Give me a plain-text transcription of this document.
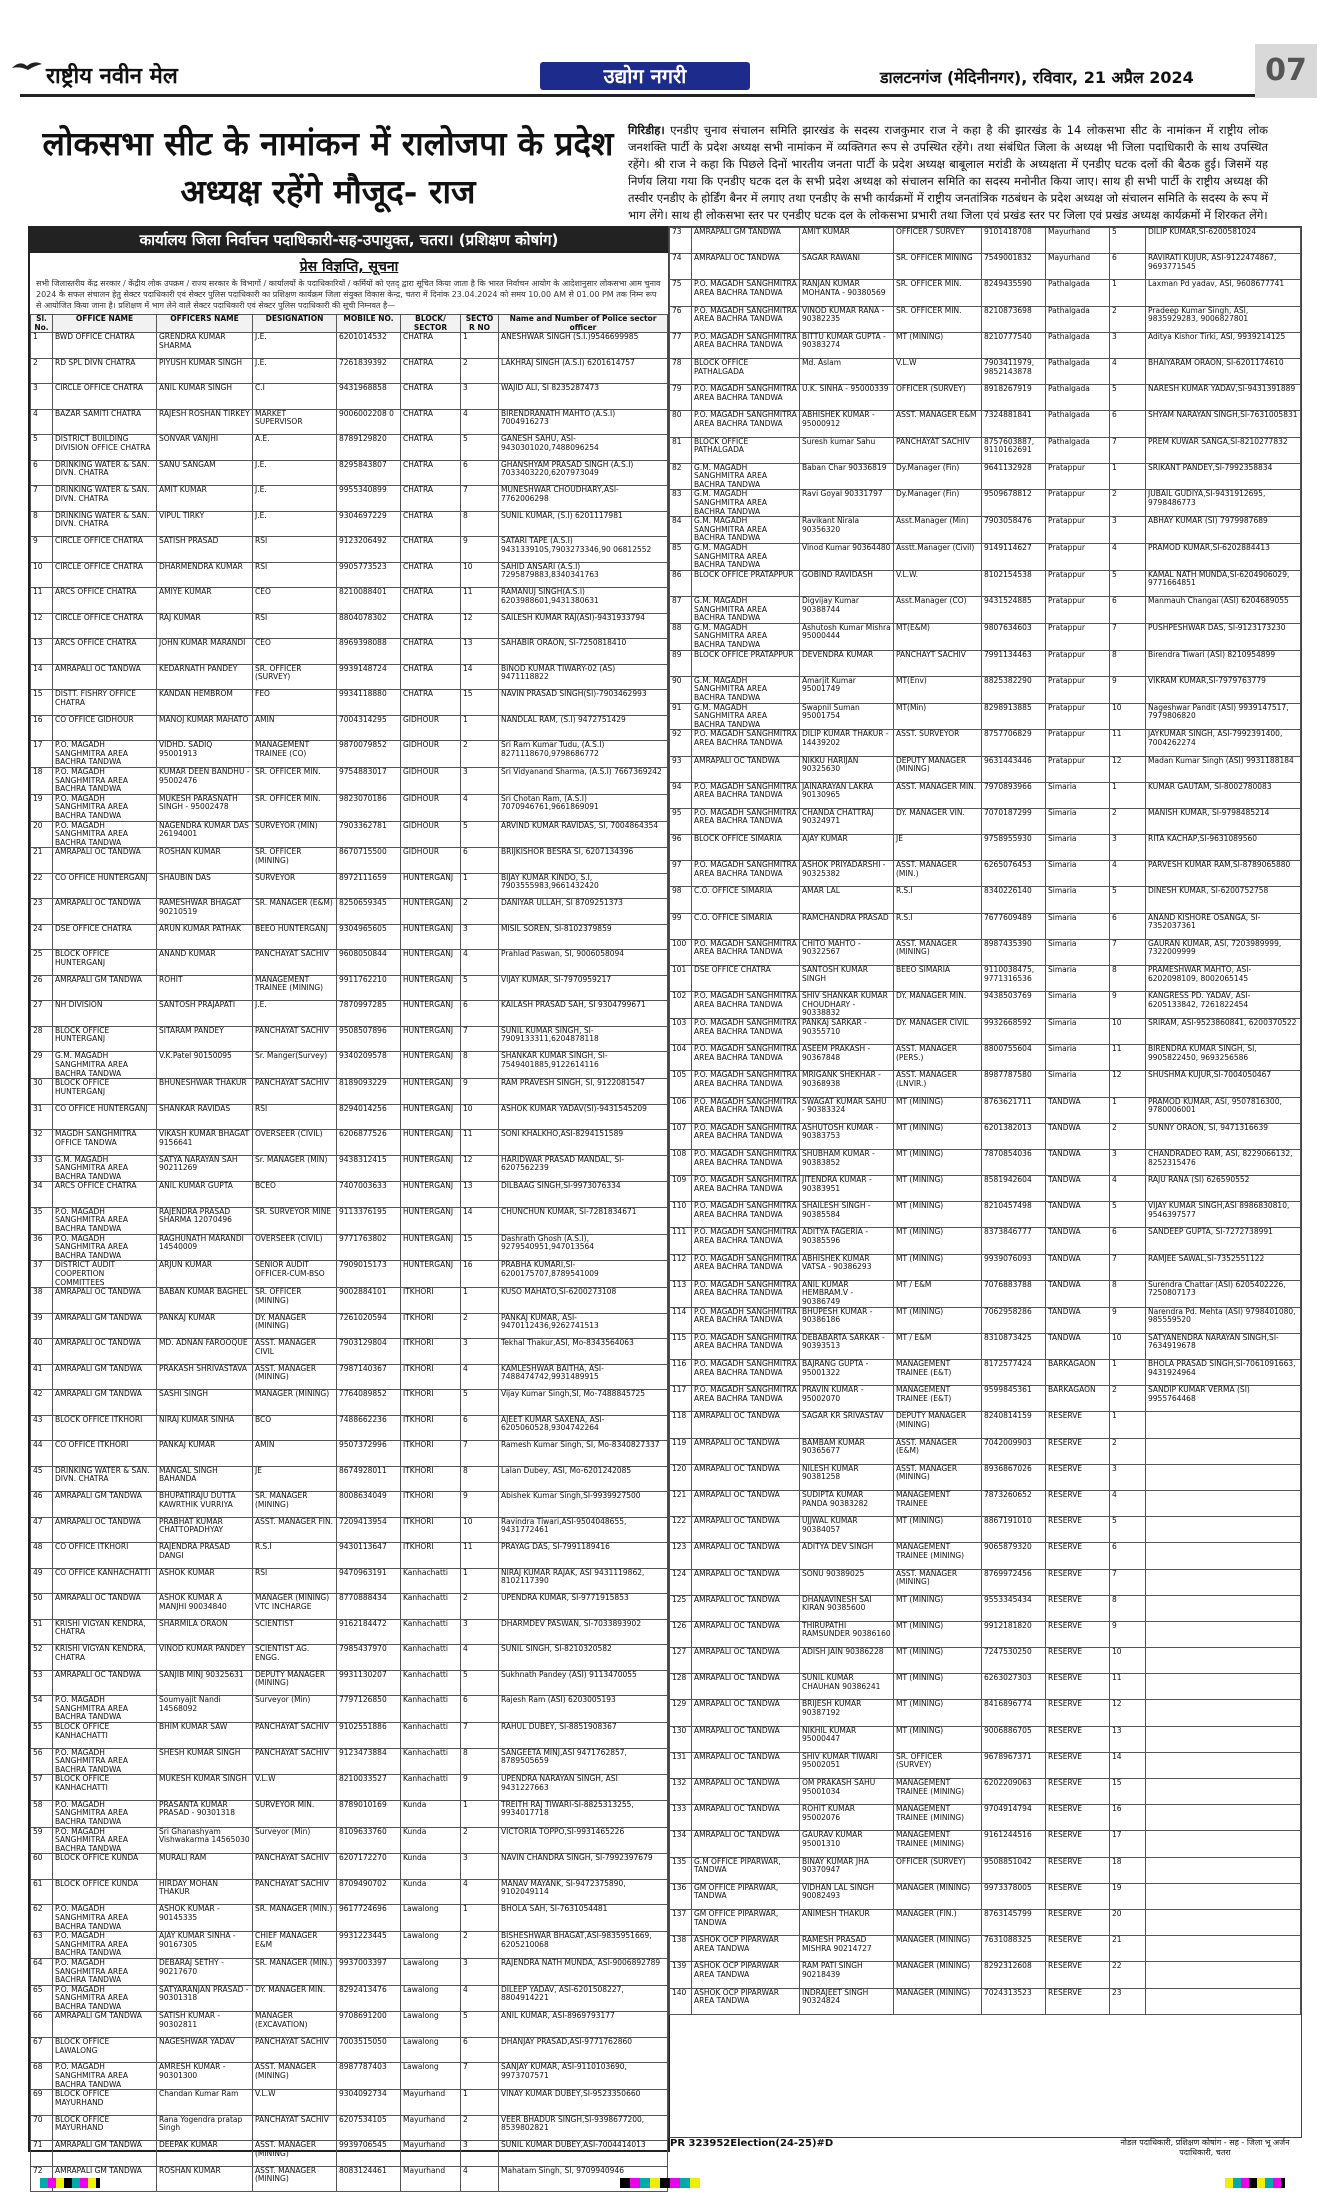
राष्ट्रीय नवीन मेल	उद्योग नगरी	डालटनगंज (मेदिनीनगर), रविवार, 21 अप्रैल 2024	07
लोकसभा सीट के नामांकन में रालोजपा के प्रदेश अध्यक्ष रहेंगे मौजूद- राज
गिरिडीह। एनडीए चुनाव संचालन समिति झारखंड के सदस्य राजकुमार राज ने कहा है की झारखंड के 14 लोकसभा सीट के नामांकन में राष्ट्रीय लोक जनशक्ति पार्टी के प्रदेश अध्यक्ष सभी नामांकन में व्यक्तिगत रूप से उपस्थित रहेंगे। तथा संबंधित जिला के अध्यक्ष भी जिला पदाधिकारी के साथ उपस्थित रहेंगे। श्री राज ने कहा कि पिछले दिनों भारतीय जनता पार्टी के प्रदेश अध्यक्ष बाबूलाल मरांडी के अध्यक्षता में एनडीए घटक दलों की बैठक हुई। जिसमें यह निर्णय लिया गया कि एनडीए घटक दल के सभी प्रदेश अध्यक्ष को संचालन समिति का सदस्य मनोनीत किया जाए। साथ ही सभी पार्टी के राष्ट्रीय अध्यक्ष की तस्वीर एनडीए के होर्डिंग बैनर में लगाए तथा एनडीए के सभी कार्यक्रमों में राष्ट्रीय जनतांत्रिक गठबंधन के प्रदेश अध्यक्ष जो संचालन समिति के सदस्य के रूप में भाग लेंगे। साथ ही लोकसभा स्तर पर एनडीए घटक दल के लोकसभा प्रभारी तथा जिला एवं प्रखंड स्तर पर जिला एवं प्रखंड अध्यक्ष कार्यक्रमों में शिरकत लेंगे।
कार्यालय जिला निर्वाचन पदाधिकारी-सह-उपायुक्त, चतरा। (प्रशिक्षण कोषांग)
प्रेस विज्ञप्ति, सूचना
सभी जिलास्तरीय केंद्र सरकार / केंद्रीय लोक उपक्रम / राज्य सरकार के विभागों / कार्यालयों के पदाधिकारियों / कर्मियों को एतद् द्वारा सूचित किया जाता है कि भारत निर्वाचन आयोग के आदेशानुसार लोकसभा आम चुनाव 2024 के सफल संचालन हेतु सेक्टर पदाधिकारी एवं सेक्टर पुलिस पदाधिकारी का प्रशिक्षण कार्यक्रम जिला संयुक्त विकास केन्द्र, चतरा में दिनांक 23.04.2024 को समय 10.00 AM से 01.00 PM तक निम्न रूप से आयोजित किया जाना है। प्रशिक्षण में भाग लेने वाले सेक्टर पदाधिकारी एवं सेक्टर पुलिस पदाधिकारी की सूची निम्नवत है—
Sl. No.	OFFICE NAME	OFFICERS NAME	DESIGNATION	MOBILE NO.	BLOCK/ SECTOR	SECTOR NO	Name and Number of Police sector officer
1	BWD OFFICE CHATRA	GRENDRA KUMAR SHARMA	J.E.	6201014532	CHATRA	1	ANESHWAR SINGH (S.I.)9546699985
2	RD SPL DIVN CHATRA	PIYUSH KUMAR SINGH	J.E.	7261839392	CHATRA	2	LAKHRAJ SINGH (A.S.I) 6201614757
3	CIRCLE OFFICE CHATRA	ANIL KUMAR SINGH	C.I	9431968858	CHATRA	3	WAJID ALI, SI 8235287473
4	BAZAR SAMITI CHATRA	RAJESH ROSHAN TIRKEY	MARKET SUPERVISOR	9006002208 0	CHATRA	4	BIRENDRANATH MAHTO (A.S.I) 7004916273
5	DISTRICT BUILDING DIVISION OFFICE CHATRA	SONVAR VANJHI	A.E.	8789129820	CHATRA	5	GANESH SAHU, ASI-9430301020,7488096254
6	DRINKING WATER & SAN. DIVN. CHATRA	SANU SANGAM	J.E.	8295843807	CHATRA	6	GHANSHYAM PRASAD SINGH (A.S.I) 7033403220,6207973049
7	DRINKING WATER & SAN. DIVN. CHATRA	AMIT KUMAR	J.E.	9955340899	CHATRA	7	MUNESHWAR CHOUDHARY,ASI-7762006298
8	DRINKING WATER & SAN. DIVN. CHATRA	VIPUL TIRKY	J.E.	9304697229	CHATRA	8	SUNIL KUMAR, (S.I) 6201117981
9	CIRCLE OFFICE CHATRA	SATISH PRASAD	RSI	9123206492	CHATRA	9	SATARI TAPE (A.S.I) 943133910S,7903273346,90 06812552
10	CIRCLE OFFICE CHATRA	DHARMENDRA KUMAR	RSI	9905773523	CHATRA	10	SAHID ANSARI (A.S.I) 7295879883,8340341763
11	ARCS OFFICE CHATRA	AMIYE KUMAR	CEO	8210088401	CHATRA	11	RAMANUJ SINGH(A.S.I) 6203988601,9431380631
12	CIRCLE OFFICE CHATRA	RAJ KUMAR	RSI	8804078302	CHATRA	12	SAILESH KUMAR RAJ(ASI)-9431933794
13	ARCS OFFICE CHATRA	JOHN KUMAR MARANDI	CEO	8969398088	CHATRA	13	SAHABIR ORAON, SI-7250818410
14	AMRAPALI OC TANDWA	KEDARNATH PANDEY	SR. OFFICER (SURVEY)	9939148724	CHATRA	14	BINOD KUMAR TIWARY-02 (AS) 9471118822
15	DISTT. FISHRY OFFICE CHATRA	KANDAN HEMBROM	FEO	9934118880	CHATRA	15	NAVIN PRASAD SINGH(SI)-7903462993
16	CO OFFICE GIDHOUR	MANOJ KUMAR MAHATO	AMIN	7004314295	GIDHOUR	1	NANDLAL RAM, (S.I) 9472751429
17	P.O. MAGADH SANGHMITRA AREA BACHRA TANDWA	VIDHD. SADIQ 95001913	MANAGEMENT TRAINEE (CO)	9870079852	GIDHOUR	2	Sri Ram Kumar Tudu, (A.S.I) 8271118670,9798686772
18	P.O. MAGADH SANGHMITRA AREA BACHRA TANDWA	KUMAR DEEN BANDHU - 95002476	SR. OFFICER MIN.	9754883017	GIDHOUR	3	Sri Vidyanand Sharma, (A.S.I) 7667369242
19	P.O. MAGADH SANGHMITRA AREA BACHRA TANDWA	MUKESH PARASNATH SINGH - 95002478	SR. OFFICER MIN.	9823070186	GIDHOUR	4	Sri Chotan Ram, (A.S.I) 7070946761,9661869091
20	P.O. MAGADH SANGHMITRA AREA BACHRA TANDWA	NAGENDRA KUMAR DAS 26194001	SURVEYOR (MIN)	7903362781	GIDHOUR	5	ARVIND KUMAR RAVIDAS, SI, 7004864354
21	AMRAPALI OC TANDWA	ROSHAN KUMAR	SR. OFFICER (MINING)	8670715500	GIDHOUR	6	BRIJKISHOR BESRA SI, 6207134396
22	CO OFFICE HUNTERGANJ	SHAUBIN DAS	SURVEYOR	8972111659	HUNTERGANJ	1	BIJAY KUMAR KINDO, S.I, 7903555983,9661432420
23	AMRAPALI OC TANDWA	RAMESHWAR BHAGAT 90210519	SR. MANAGER (E&M)	8250659345	HUNTERGANJ	2	DANIYAR ULLAH, SI 8709251373
24	DSE OFFICE CHATRA	ARUN KUMAR PATHAK	BEEO HUNTERGANJ	9304965605	HUNTERGANJ	3	MISIL SOREN, SI-8102379859
25	BLOCK OFFICE HUNTERGANJ	ANAND KUMAR	PANCHAYAT SACHIV	9608050844	HUNTERGANJ	4	Prahlad Paswan, SI, 9006058094
26	AMRAPALI GM TANDWA	ROHIT	MANAGEMENT TRAINEE (MINING)	9911762210	HUNTERGANJ	5	VIJAY KUMAR, SI-7970959217
27	NH DIVISION	SANTOSH PRAJAPATI	J.E.	7870997285	HUNTERGANJ	6	KAILASH PRASAD SAH, SI 9304799671
28	BLOCK OFFICE HUNTERGANJ	SITARAM PANDEY	PANCHAYAT SACHIV	9508507896	HUNTERGANJ	7	SUNIL KUMAR SINGH, SI-7909133311,6204878118
29	G.M. MAGADH SANGHMITRA AREA BACHRA TANDWA	V.K.Patel 90150095	Sr. Manger(Survey)	9340209578	HUNTERGANJ	8	SHANKAR KUMAR SINGH, SI-7549401885,9122614116
30	BLOCK OFFICE HUNTERGANJ	BHUNESHWAR THAKUR	PANCHAYAT SACHIV	8189093229	HUNTERGANJ	9	RAM PRAVESH SINGH, SI, 9122081547
31	CO OFFICE HUNTERGANJ	SHANKAR RAVIDAS	RSI	8294014256	HUNTERGANJ	10	ASHOK KUMAR YADAV(SI)-9431545209
32	MAGDH SANGHMITRA OFFICE TANDWA	VIKASH KUMAR BHAGAT 9156641	OVERSEER (CIVIL)	6206877526	HUNTERGANJ	11	SONI KHALKHO,ASI-8294151589
33	G.M. MAGADH SANGHMITRA AREA BACHRA TANDWA	SATYA NARAYAN SAH 90211269	Sr. MANAGER (MIN)	9438312415	HUNTERGANJ	12	HARIDWAR PRASAD MANDAL, SI-6207562239
34	ARCS OFFICE CHATRA	ANIL KUMAR GUPTA	BCEO	7407003633	HUNTERGANJ	13	DILBAAG SINGH,SI-9973076334
35	P.O. MAGADH SANGHMITRA AREA BACHRA TANDWA	RAJENDRA PRASAD SHARMA 12070496	SR. SURVEYOR MINE	9113376195	HUNTERGANJ	14	CHUNCHUN KUMAR, SI-7281834671
36	P.O. MAGADH SANGHMITRA AREA BACHRA TANDWA	RAGHUNATH MARANDI 14540009	OVERSEER (CIVIL)	9771763802	HUNTERGANJ	15	Dashrath Ghosh (A.S.I), 9279540951,947013564
37	DISTRICT AUDIT COOPERTION COMMITTEES	ARJUN KUMAR	SENIOR AUDIT OFFICER-CUM-BSO	7909015173	HUNTERGANJ	16	PRABHA KUMARI,SI-6200175707,8789541009
38	AMRAPALI OC TANDWA	BABAN KUMAR BAGHEL	SR. OFFICER (MINING)	9002884101	ITKHORI	1	KUSO MAHATO,SI-6200273108
39	AMRAPALI GM TANDWA	PANKAJ KUMAR	DY. MANAGER (MINING)	7261020594	ITKHORI	2	PANKAJ KUMAR, ASI-9470112436,9262741513
40	AMRAPALI OC TANDWA	MD. ADNAN FAROOQUE	ASST. MANAGER CIVIL	7903129804	ITKHORI	3	Tekhal Thakur,ASI, Mo-8343564063
41	AMRAPALI GM TANDWA	PRAKASH SHRIVASTAVA	ASST. MANAGER (MINING)	7987140367	ITKHORI	4	KAMLESHWAR BAITHA, ASI-7488474742,9931489915
42	AMRAPALI GM TANDWA	SASHI SINGH	MANAGER (MINING)	7764089852	ITKHORI	5	Vijay Kumar Singh,SI, Mo-7488845725
43	BLOCK OFFICE ITKHORI	NIRAJ KUMAR SINHA	BCO	7488662236	ITKHORI	6	AJEET KUMAR SAXENA, ASI-6205060528,9304742264
44	CO OFFICE ITKHORI	PANKAJ KUMAR	AMIN	9507372996	ITKHORI	7	Ramesh Kumar Singh, SI, Mo-8340827337
45	DRINKING WATER & SAN. DIVN. CHATRA	MANGAL SINGH BAHANDA	JE	8674928011	ITKHORI	8	Lalan Dubey, ASI, Mo-6201242085
46	AMRAPALI GM TANDWA	BHUPATIRAJU DUTTA KAWRTHIK VURRIYA	SR. MANAGER (MINING)	8008634049	ITKHORI	9	Abishek Kumar Singh,SI-9939927500
47	AMRAPALI OC TANDWA	PRABHAT KUMAR CHATTOPADHYAY	ASST. MANAGER FIN.	7209413954	ITKHORI	10	Ravindra Tiwari,ASI-9504048655, 9431772461
48	CO OFFICE ITKHORI	RAJENDRA PRASAD DANGI	R.S.I	9430113647	ITKHORI	11	PRAYAG DAS, SI-7991189416
49	CO OFFICE KANHACHATTI	ASHOK KUMAR	RSI	9470963191	Kanhachatti	1	NIRAJ KUMAR RAJAK, ASI 9431119862, 8102117390
50	AMRAPALI OC TANDWA	ASHOK KUMAR A MANJHI 90034840	MANAGER (MINING) VTC INCHARGE	8770888434	Kanhachatti	2	UPENDRA KUMAR, SI-9771915853
51	KRISHI VIGYAN KENDRA, CHATRA	SHARMILA ORAON	SCIENTIST	9162184472	Kanhachatti	3	DHARMDEV PASWAN, SI-7033893902
52	KRISHI VIGYAN KENDRA, CHATRA	VINOD KUMAR PANDEY	SCIENTIST AG. ENGG.	7985437970	Kanhachatti	4	SUNIL SINGH, SI-8210320582
53	AMRAPALI OC TANDWA	SANJIB MINJ 90325631	DEPUTY MANAGER (MINING)	9931130207	Kanhachatti	5	Sukhnath Pandey (ASI) 9113470055
54	P.O. MAGADH SANGHMITRA AREA BACHRA TANDWA	Soumyajit Nandi 14568092	Surveyor (Min)	7797126850	Kanhachatti	6	Rajesh Ram (ASI) 6203005193
55	BLOCK OFFICE KANHACHATTI	BHIM KUMAR SAW	PANCHAYAT SACHIV	9102551886	Kanhachatti	7	RAHUL DUBEY, SI-8851908367
56	P.O. MAGADH SANGHMITRA AREA BACHRA TANDWA	SHESH KUMAR SINGH	PANCHAYAT SACHIV	9123473884	Kanhachatti	8	SANGEETA MINJ,ASI 9471762857, 8789505659
57	BLOCK OFFICE KANHACHATTI	MUKESH KUMAR SINGH	V.L.W	8210033527	Kanhachatti	9	UPENDRA NARAYAN SINGH, ASI 9431227663
58	P.O. MAGADH SANGHMITRA AREA BACHRA TANDWA	PRASANTA KUMAR PRASAD - 90301318	SURVEYOR MIN.	8789010169	Kunda	1	TREITH RAJ TIWARI-SI-8825313255, 9934017718
59	P.O. MAGADH SANGHMITRA AREA BACHRA TANDWA	Sri Ghanashyam Vishwakarma 14565030	Surveyor (Min)	8109633760	Kunda	2	VICTORIA TOPPO,SI-9931465226
60	BLOCK OFFICE KUNDA	MURALI RAM	PANCHAYAT SACHIV	6207172270	Kunda	3	NAVIN CHANDRA SINGH, SI-7992397679
61	BLOCK OFFICE KUNDA	HIRDAY MOHAN THAKUR	PANCHAYAT SACHIV	8709490702	Kunda	4	MANAV MAYANK, SI-9472375890, 9102049114
62	P.O. MAGADH SANGHMITRA AREA BACHRA TANDWA	ASHOK KUMAR - 90145335	SR. MANAGER (MIN.)	9617724696	Lawalong	1	BHOLA SAH, SI-7631054481
63	P.O. MAGADH SANGHMITRA AREA BACHRA TANDWA	AJAY KUMAR SINHA - 90167305	CHIEF MANAGER E&M	9931223445	Lawalong	2	BISHESHWAR BHAGAT,ASI-9835951669, 6205210068
64	P.O. MAGADH SANGHMITRA AREA BACHRA TANDWA	DEBARAJ SETHY - 90217670	SR. MANAGER (MIN.)	9937003397	Lawalong	3	RAJENDRA NATH MUNDA, ASI-9006892789
65	P.O. MAGADH SANGHMITRA AREA BACHRA TANDWA	SATYARANJAN PRASAD - 90301318	DY. MANAGER MIN.	8292413476	Lawalong	4	DILEEP YADAV, ASI-6201508227, 8804914221
66	AMRAPALI GM TANDWA	SATISH KUMAR - 90302811	MANAGER (EXCAVATION)	9708691200	Lawalong	5	ANIL KUMAR, ASI-8969793177
67	BLOCK OFFICE LAWALONG	NAGESHWAR YADAV	PANCHAYAT SACHIV	7003515050	Lawalong	6	DHANJAY PRASAD,ASI-9771762860
68	P.O. MAGADH SANGHMITRA AREA BACHRA TANDWA	AMRESH KUMAR - 90301300	ASST. MANAGER (MINING)	8987787403	Lawalong	7	SANJAY KUMAR, ASI-9110103690, 9973707571
69	BLOCK OFFICE MAYURHAND	Chandan Kumar Ram	V.L.W	9304092734	Mayurhand	1	VINAY KUMAR DUBEY,SI-9523350660
70	BLOCK OFFICE MAYURHAND	Rana Yogendra pratap Singh	PANCHAYAT SACHIV	6207534105	Mayurhand	2	VEER BHADUR SINGH,SI-9398677200, 8539802821
71	AMRAPALI GM TANDWA	DEEPAK KUMAR	ASST. MANAGER (MINING)	9939706545	Mayurhand	3	SUNIL KUMAR DUBEY,ASI-7004414013
72	AMRAPALI GM TANDWA	ROSHAN KUMAR	ASST. MANAGER (MINING)	8083124461	Mayurhand	4	Mahatam Singh, SI, 9709940946
73	AMRAPALI GM TANDWA	AMIT KUMAR	OFFICER / SURVEY	9101418708	Mayurhand	5	DILIP KUMAR,SI-6200581024
74	AMRAPALI OC TANDWA	SAGAR RAWANI	SR. OFFICER MINING	7549001832	Mayurhand	6	RAVIRATI KUJUR, ASI-9122474867, 9693771545
75	P.O. MAGADH SANGHMITRA AREA BACHRA TANDWA	RANJAN KUMAR MOHANTA - 90380569	SR. OFFICER MIN.	8249435590	Pathalgada	1	Laxman Pd yadav, ASI, 9608677741
76	P.O. MAGADH SANGHMITRA AREA BACHRA TANDWA	VINOD KUMAR RANA - 90382235	SR. OFFICER MIN.	8210873698	Pathalgada	2	Pradeep Kumar Singh, ASI, 9835929283, 9006827801
77	P.O. MAGADH SANGHMITRA AREA BACHRA TANDWA	BITTU KUMAR GUPTA - 90383274	MT (MINING)	8210777540	Pathalgada	3	Aditya Kishor Tirki, ASI, 9939214125
78	BLOCK OFFICE PATHALGADA	Md. Aslam	V.L.W	7903411979, 9852143878	Pathalgada	4	BHAIYARAM ORAON, SI-6201174610
79	P.O. MAGADH SANGHMITRA AREA BACHRA TANDWA	U.K. SINHA - 95000339	OFFICER (SURVEY)	8918267919	Pathalgada	5	NARESH KUMAR YADAV,SI-9431391889
80	P.O. MAGADH SANGHMITRA AREA BACHRA TANDWA	ABHISHEK KUMAR - 95000912	ASST. MANAGER E&M	7324881841	Pathalgada	6	SHYAM NARAYAN SINGH,SI-7631005831
81	BLOCK OFFICE PATHALGADA	Suresh kumar Sahu	PANCHAYAT SACHIV	8757603887, 9110162691	Pathalgada	7	PREM KUWAR SANGA,SI-8210277832
82	G.M. MAGADH SANGHMITRA AREA BACHRA TANDWA	Baban Char 90336819	Dy.Manager (Fin)	9641132928	Pratappur	1	SRIKANT PANDEY,SI-7992358834
83	G.M. MAGADH SANGHMITRA AREA BACHRA TANDWA	Ravi Goyal 90331797	Dy.Manager (Fin)	9509678812	Pratappur	2	JUBAIL GUDIYA,SI-9431912695, 9798486773
84	G.M. MAGADH SANGHMITRA AREA BACHRA TANDWA	Ravikant Nirala 90356320	Asst.Manager (Min)	7903058476	Pratappur	3	ABHAY KUMAR (SI) 7979987689
85	G.M. MAGADH SANGHMITRA AREA BACHRA TANDWA	Vinod Kumar 90364480	Asstt.Manager (Civil)	9149114627	Pratappur	4	PRAMOD KUMAR,SI-6202884413
86	BLOCK OFFICE PRATAPPUR	GOBIND RAVIDASH	V.L.W.	8102154538	Pratappur	5	KAMAL NATH MUNDA,SI-6204906029, 9771664851
87	G.M. MAGADH SANGHMITRA AREA BACHRA TANDWA	Digvijay Kumar 90388744	Asst.Manager (CO)	9431524885	Pratappur	6	Manmauh Changai (ASI) 6204689055
88	G.M. MAGADH SANGHMITRA AREA BACHRA TANDWA	Ashutosh Kumar Mishra 95000444	MT(E&M)	9807634603	Pratappur	7	PUSHPESHWAR DAS, SI-9123173230
89	BLOCK OFFICE PRATAPPUR	DEVENDRA KUMAR	PANCHAYT SACHIV	7991134463	Pratappur	8	Birendra Tiwari (ASI) 8210954899
90	G.M. MAGADH SANGHMITRA AREA BACHRA TANDWA	Amarjit Kumar 95001749	MT(Env)	8825382290	Pratappur	9	VIKRAM KUMAR,SI-7979763779
91	G.M. MAGADH SANGHMITRA AREA BACHRA TANDWA	Swapnil Suman 95001754	MT(Min)	8298913885	Pratappur	10	Nageshwar Pandit (ASI) 9939147517, 7979806820
92	P.O. MAGADH SANGHMITRA AREA BACHRA TANDWA	DILIP KUMAR THAKUR - 14439202	ASST. SURVEYOR	8757706829	Pratappur	11	JAYKUMAR SINGH, ASI-7992391400, 7004262274
93	AMRAPALI OC TANDWA	NIKKU HARIJAN 90325630	DEPUTY MANAGER (MINING)	9631443446	Pratappur	12	Madan Kumar Singh (ASI) 9931188184
94	P.O. MAGADH SANGHMITRA AREA BACHRA TANDWA	JAINARAYAN LAKRA 90130965	ASST. MANAGER MIN.	7970893966	Simaria	1	KUMAR GAUTAM, SI-8002780083
95	P.O. MAGADH SANGHMITRA AREA BACHRA TANDWA	CHANDA CHATTRAJ 90324971	DY. MANAGER VIN.	7070187299	Simaria	2	MANISH KUMAR, SI-9798485214
96	BLOCK OFFICE SIMARIA	AJAY KUMAR	JE	9758955930	Simaria	3	RITA KACHAP,SI-9631089560
97	P.O. MAGADH SANGHMITRA AREA BACHRA TANDWA	ASHOK PRIYADARSHI - 90325382	ASST. MANAGER (MIN.)	6265076453	Simaria	4	PARVESH KUMAR RAM,SI-8789065880
98	C.O. OFFICE SIMARIA	AMAR LAL	R.S.I	8340226140	Simaria	5	DINESH KUMAR, SI-6200752758
99	C.O. OFFICE SIMARIA	RAMCHANDRA PRASAD	R.S.I	7677609489	Simaria	6	ANAND KISHORE OSANGA, SI-7352037361
100	P.O. MAGADH SANGHMITRA AREA BACHRA TANDWA	CHITO MAHTO - 90322567	ASST. MANAGER (MINING)	8987435390	Simaria	7	GAURAN KUMAR, ASI, 7203989999, 7322009999
101	DSE OFFICE CHATRA	SANTOSH KUMAR SINGH	BEEO SIMARIA	9110038475, 9771316536	Simaria	8	PRAMESHWAR MAHTO, ASI-6202098109, 8002065145
102	P.O. MAGADH SANGHMITRA AREA BACHRA TANDWA	SHIV SHANKAR KUMAR CHOUDHARY - 90338832	DY. MANAGER MIN.	9438503769	Simaria	9	KANGRESS PD. YADAV, ASI-6205133842, 7261822454
103	P.O. MAGADH SANGHMITRA AREA BACHRA TANDWA	PANKAJ SARKAR - 90355710	DY. MANAGER CIVIL	9932668592	Simaria	10	SRIRAM, ASI-9523860841, 6200370522
104	P.O. MAGADH SANGHMITRA AREA BACHRA TANDWA	ASEEM PRAKASH - 90367848	ASST. MANAGER (PERS.)	8800755604	Simaria	11	BIRENDRA KUMAR SINGH, SI, 9905822450, 9693256586
105	P.O. MAGADH SANGHMITRA AREA BACHRA TANDWA	MRIGANK SHEKHAR - 90368938	ASST. MANAGER (LNVIR.)	8987787580	Simaria	12	SHUSHMA KUJUR,SI-7004050467
106	P.O. MAGADH SANGHMITRA AREA BACHRA TANDWA	SWAGAT KUMAR SAHU - 90383324	MT (MINING)	8763621711	TANDWA	1	PRAMOD KUMAR, ASI, 9507816300, 9780006001
107	P.O. MAGADH SANGHMITRA AREA BACHRA TANDWA	ASHUTOSH KUMAR - 90383753	MT (MINING)	6201382013	TANDWA	2	SUNNY ORAON, SI, 9471316639
108	P.O. MAGADH SANGHMITRA AREA BACHRA TANDWA	SHUBHAM KUMAR - 90383852	MT (MINING)	7870854036	TANDWA	3	CHANDRADEO RAM, ASI, 8229066132, 8252315476
109	P.O. MAGADH SANGHMITRA AREA BACHRA TANDWA	JITENDRA KUMAR - 90383951	MT (MINING)	8581942604	TANDWA	4	RAJU RANA (SI) 626590552
110	P.O. MAGADH SANGHMITRA AREA BACHRA TANDWA	SHAILESH SINGH - 90385584	MT (MINING)	8210457498	TANDWA	5	VIJAY KUMAR SINGH,ASI 8986830810, 9546397577
111	P.O. MAGADH SANGHMITRA AREA BACHRA TANDWA	ADITYA FAGERIA - 90385596	MT (MINING)	8373846777	TANDWA	6	SANDEEP GUPTA, SI-7272738991
112	P.O. MAGADH SANGHMITRA AREA BACHRA TANDWA	ABHISHEK KUMAR VATSA - 90386293	MT (MINING)	9939076093	TANDWA	7	RAMJEE SAWAL,SI-7352551122
113	P.O. MAGADH SANGHMITRA AREA BACHRA TANDWA	ANIL KUMAR HEMBRAM.V - 90386749	MT / E&M	7076883788	TANDWA	8	Surendra Chattar (ASI) 6205402226, 7250807173
114	P.O. MAGADH SANGHMITRA AREA BACHRA TANDWA	BHUPESH KUMAR - 90386186	MT (MINING)	7062958286	TANDWA	9	Narendra Pd. Mehta (ASI) 9798401080, 985559520
115	P.O. MAGADH SANGHMITRA AREA BACHRA TANDWA	DEBABARTA SARKAR - 90393513	MT / E&M	8310873425	TANDWA	10	SATYANENDRA NARAYAN SINGH,SI-7634919678
116	P.O. MAGADH SANGHMITRA AREA BACHRA TANDWA	BAJRANG GUPTA - 95001322	MANAGEMENT TRAINEE (E&T)	8172577424	BARKAGAON	1	BHOLA PRASAD SINGH,SI-7061091663, 9431924964
117	P.O. MAGADH SANGHMITRA AREA BACHRA TANDWA	PRAVIN KUMAR - 95002070	MANAGEMENT TRAINEE (E&T)	9599845361	BARKAGAON	2	SANDIP KUMAR VERMA (SI) 9955764468
118	AMRAPALI OC TANDWA	SAGAR KR SRIVASTAV	DEPUTY MANAGER (MINING)	8240814159	RESERVE	1	
119	AMRAPALI OC TANDWA	BAMBAM KUMAR 90365677	ASST. MANAGER (E&M)	7042009903	RESERVE	2	
120	AMRAPALI OC TANDWA	NILESH KUMAR 90381258	ASST. MANAGER (MINING)	8936867026	RESERVE	3	
121	AMRAPALI OC TANDWA	SUDIPTA KUMAR PANDA 90383282	MANAGEMENT TRAINEE	7873260652	RESERVE	4	
122	AMRAPALI OC TANDWA	UJJWAL KUMAR 90384057	MT (MINING)	8867191010	RESERVE	5	
123	AMRAPALI OC TANDWA	ADITYA DEV SINGH	MANAGEMENT TRAINEE (MINING)	9065879320	RESERVE	6	
124	AMRAPALI OC TANDWA	SONU 90389025	ASST. MANAGER (MINING)	8769972456	RESERVE	7	
125	AMRAPALI OC TANDWA	DHANAVINESH SAI KIRAN 90385600	MT (MINING)	9553345434	RESERVE	8	
126	AMRAPALI OC TANDWA	THIRUPATHI RAMSUNDER 90386160	MT (MINING)	9912181820	RESERVE	9	
127	AMRAPALI OC TANDWA	ADISH JAIN 90386228	MT (MINING)	7247530250	RESERVE	10	
128	AMRAPALI OC TANDWA	SUNIL KUMAR CHAUHAN 90386241	MT (MINING)	6263027303	RESERVE	11	
129	AMRAPALI OC TANDWA	BRIJESH KUMAR 90387192	MT (MINING)	8416896774	RESERVE	12	
130	AMRAPALI OC TANDWA	NIKHIL KUMAR 95000447	MT (MINING)	9006886705	RESERVE	13	
131	AMRAPALI OC TANDWA	SHIV KUMAR TIWARI 95002051	SR. OFFICER (SURVEY)	9678967371	RESERVE	14	
132	AMRAPALI OC TANDWA	OM PRAKASH SAHU 95001034	MANAGEMENT TRAINEE (MINING)	6202209063	RESERVE	15	
133	AMRAPALI OC TANDWA	ROHIT KUMAR 95002076	MANAGEMENT TRAINEE (MINING)	9704914794	RESERVE	16	
134	AMRAPALI OC TANDWA	GAURAV KUMAR 95001310	MANAGEMENT TRAINEE (MINING)	9161244516	RESERVE	17	
135	G.M OFFICE PIPARWAR, TANDWA	BINAY KUMAR JHA 90370947	OFFICER (SURVEY)	9508851042	RESERVE	18	
136	GM OFFICE PIPARWAR, TANDWA	VIDHAN LAL SINGH 90082493	MANAGER (MINING)	9973378005	RESERVE	19	
137	GM OFFICE PIPARWAR, TANDWA	ANIMESH THAKUR	MANAGER (FIN.)	8763145799	RESERVE	20	
138	ASHOK OCP PIPARWAR AREA TANDWA	RAMESH PRASAD MISHRA 90214727	MANAGER (MINING)	7631088325	RESERVE	21	
139	ASHOK OCP PIPARWAR AREA TANDWA	RAM PATI SINGH 90218439	MANAGER (MINING)	8292312608	RESERVE	22	
140	ASHOK OCP PIPARWAR AREA TANDWA	INDRAJEET SINGH 90324824	MANAGER (MINING)	7024313523	RESERVE	23	
PR 323952Election(24-25)#D	नोडल पदाधिकारी, प्रशिक्षण कोषांग - सह - जिला भू अर्जन पदाधिकारी, चतरा
